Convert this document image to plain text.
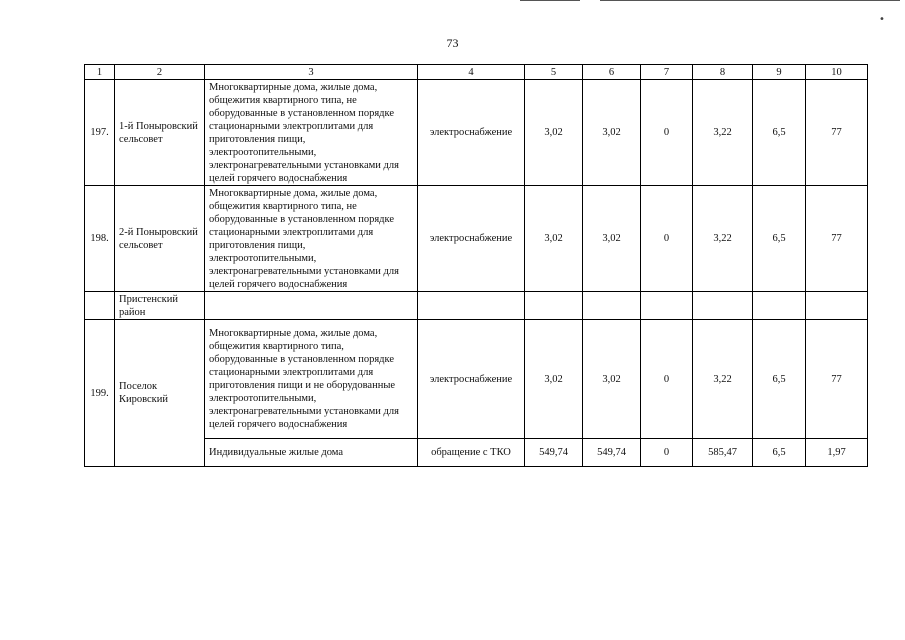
•
73
1	2	3	4	5	6	7	8	9	10
197.	1-й Поныровский сельсовет	Многоквартирные дома, жилые дома, общежития квартирного типа, не оборудованные в установленном порядке стационарными электроплитами для приготовления пищи, электроотопительными, электронагревательными установками для целей горячего водоснабжения	электроснабжение	3,02	3,02	0	3,22	6,5	77
198.	2-й Поныровский сельсовет	Многоквартирные дома, жилые дома, общежития квартирного типа, не оборудованные в установленном порядке стационарными электроплитами для приготовления пищи, электроотопительными, электронагревательными установками для целей горячего водоснабжения	электроснабжение	3,02	3,02	0	3,22	6,5	77
	Пристенский район								
199.	Поселок Кировский	Многоквартирные дома, жилые дома, общежития квартирного типа, оборудованные в установленном порядке стационарными электроплитами для приготовления пищи и не оборудованные электроотопительными, электронагревательными установками для целей горячего водоснабжения	электроснабжение	3,02	3,02	0	3,22	6,5	77
		Индивидуальные жилые дома	обращение с ТКО	549,74	549,74	0	585,47	6,5	1,97
